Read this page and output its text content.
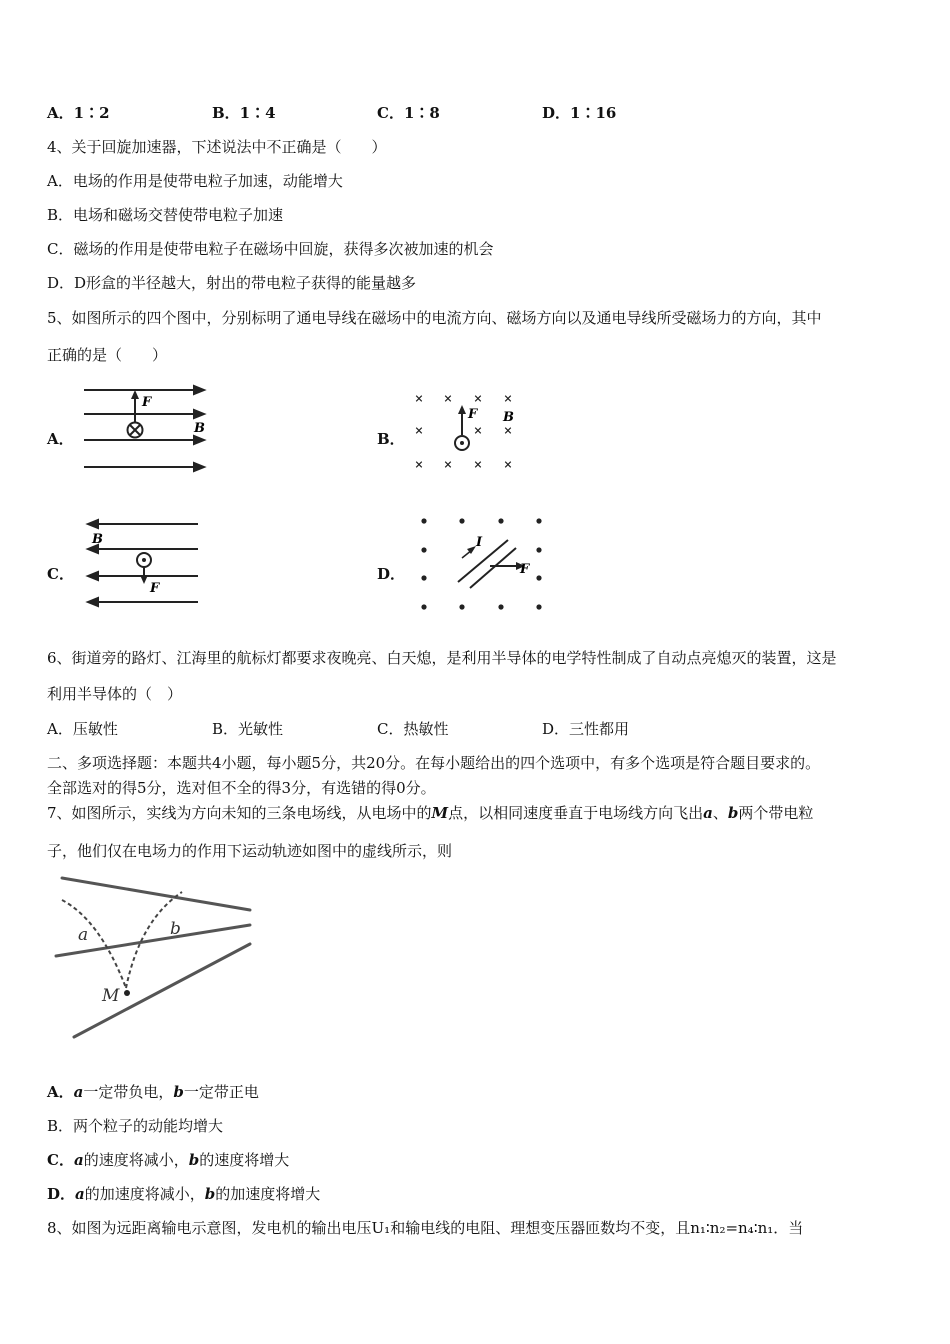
A．1∶2	B．1∶4	C．1∶8	D．1∶16
4、关于回旋加速器，下述说法中不正确是（　　）
A．电场的作用是使带电粒子加速，动能增大
B．电场和磁场交替使带电粒子加速
C．磁场的作用是使带电粒子在磁场中回旋，获得多次被加速的机会
D．D形盒的半径越大，射出的带电粒子获得的能量越多
5、如图所示的四个图中，分别标明了通电导线在磁场中的电流方向、磁场方向以及通电导线所受磁场力的方向，其中
正确的是（　　）
A．	B．
C．	D．
F
B
× × × ×
×	× ×
× × × ×
F B
B
F
I
F
6、街道旁的路灯、江海里的航标灯都要求夜晚亮、白天熄，是利用半导体的电学特性制成了自动点亮熄灭的装置，这是
利用半导体的（　）
A．压敏性	B．光敏性	C．热敏性	D．三性都用
二、多项选择题：本题共4小题，每小题5分，共20分。在每小题给出的四个选项中，有多个选项是符合题目要求的。
全部选对的得5分，选对但不全的得3分，有选错的得0分。
7、如图所示，实线为方向未知的三条电场线，从电场中的M点，以相同速度垂直于电场线方向飞出a、b两个带电粒
子，他们仅在电场力的作用下运动轨迹如图中的虚线所示，则
a	b
M
A．a一定带负电，b一定带正电
B．两个粒子的动能均增大
C．a的速度将减小，b的速度将增大
D．a的加速度将减小，b的加速度将增大
8、如图为远距离输电示意图，发电机的输出电压U₁和输电线的电阻、理想变压器匝数均不变，且n₁∶n₂=n₄∶n₁．当
